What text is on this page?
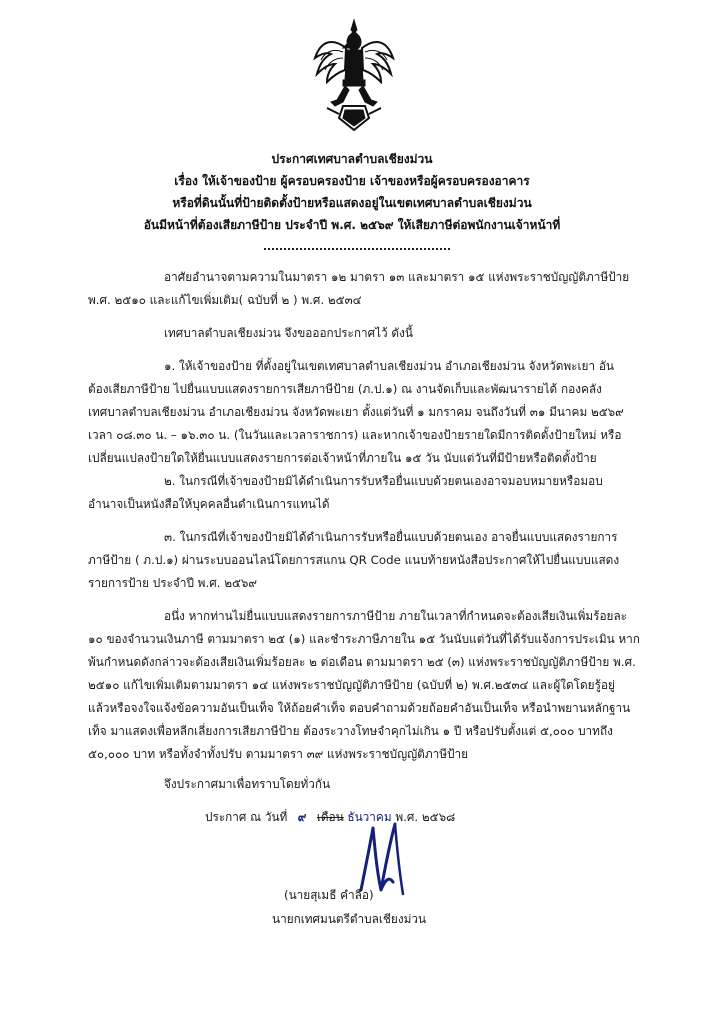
ประกาศเทศบาลตำบลเชียงม่วน
เรื่อง ให้เจ้าของป้าย ผู้ครอบครองป้าย เจ้าของหรือผู้ครอบครองอาคาร
หรือที่ดินนั้นที่ป้ายติดตั้งป้ายหรือแสดงอยู่ในเขตเทศบาลตำบลเชียงม่วน
อันมีหน้าที่ต้องเสียภาษีป้าย ประจำปี พ.ศ. ๒๕๖๙ ให้เสียภาษีต่อพนักงานเจ้าหน้าที่

อาศัยอำนาจตามความในมาตรา ๑๒ มาตรา ๑๓ และมาตรา ๑๕ แห่งพระราชบัญญัติภาษีป้าย

พ.ศ. ๒๕๑๐ และแก้ไขเพิ่มเติม( ฉบับที่ ๒ ) พ.ศ. ๒๕๓๔

เทศบาลตำบลเชียงม่วน จึงขอออกประกาศไว้ ดังนี้

๑. ให้เจ้าของป้าย ที่ตั้งอยู่ในเขตเทศบาลตำบลเชียงม่วน อำเภอเชียงม่วน จังหวัดพะเยา อัน

ต้องเสียภาษีป้าย ไปยื่นแบบแสดงรายการเสียภาษีป้าย (ภ.ป.๑) ณ งานจัดเก็บและพัฒนารายได้ กองคลัง

เทศบาลตำบลเชียงม่วน อำเภอเชียงม่วน จังหวัดพะเยา ตั้งแต่วันที่ ๑ มกราคม จนถึงวันที่ ๓๑ มีนาคม ๒๕๖๙

เวลา ๐๘.๓๐ น. – ๑๖.๓๐ น. (ในวันและเวลาราชการ) และหากเจ้าของป้ายรายใดมีการติดตั้งป้ายใหม่ หรือ

เปลี่ยนแปลงป้ายใดให้ยื่นแบบแสดงรายการต่อเจ้าหน้าที่ภายใน ๑๕ วัน นับแต่วันที่มีป้ายหรือติดตั้งป้าย

๒. ในกรณีที่เจ้าของป้ายมิได้ดำเนินการรับหรือยื่นแบบด้วยตนเองอาจมอบหมายหรือมอบ

อำนาจเป็นหนังสือให้บุคคลอื่นดำเนินการแทนได้

๓. ในกรณีที่เจ้าของป้ายมิได้ดำเนินการรับหรือยื่นแบบด้วยตนเอง อาจยื่นแบบแสดงรายการ

ภาษีป้าย ( ภ.ป.๑) ผ่านระบบออนไลน์โดยการสแกน QR Code แนบท้ายหนังสือประกาศให้ไปยื่นแบบแสดง

รายการป้าย ประจำปี พ.ศ. ๒๕๖๙

อนึ่ง หากท่านไม่ยื่นแบบแสดงรายการภาษีป้าย ภายในเวลาที่กำหนดจะต้องเสียเงินเพิ่มร้อยละ

๑๐ ของจำนวนเงินภาษี ตามมาตรา ๒๕ (๑) และชำระภาษีภายใน ๑๕ วันนับแต่วันที่ได้รับแจ้งการประเมิน หาก

พ้นกำหนดดังกล่าวจะต้องเสียเงินเพิ่มร้อยละ ๒ ต่อเดือน ตามมาตรา ๒๕ (๓) แห่งพระราชบัญญัติภาษีป้าย พ.ศ.

๒๕๑๐ แก้ไขเพิ่มเติมตามมาตรา ๑๔ แห่งพระราชบัญญัติภาษีป้าย (ฉบับที่ ๒) พ.ศ.๒๕๓๔ และผู้ใดโดยรู้อยู่

แล้วหรือจงใจแจ้งข้อความอันเป็นเท็จ ให้ถ้อยคำเท็จ ตอบคำถามด้วยถ้อยคำอันเป็นเท็จ หรือนำพยานหลักฐาน

เท็จ มาแสดงเพื่อหลีกเลี่ยงการเสียภาษีป้าย ต้องระวางโทษจำคุกไม่เกิน ๑ ปี หรือปรับตั้งแต่ ๕,๐๐๐ บาทถึง

๕๐,๐๐๐ บาท หรือทั้งจำทั้งปรับ ตามมาตรา ๓๙ แห่งพระราชบัญญัติภาษีป้าย

จึงประกาศมาเพื่อทราบโดยทั่วกัน

ประกาศ ณ วันที่ ๙ เดือน ธันวาคม พ.ศ. ๒๕๖๘
(นายสุเมธี คำลือ)
นายกเทศมนตรีตำบลเชียงม่วน
